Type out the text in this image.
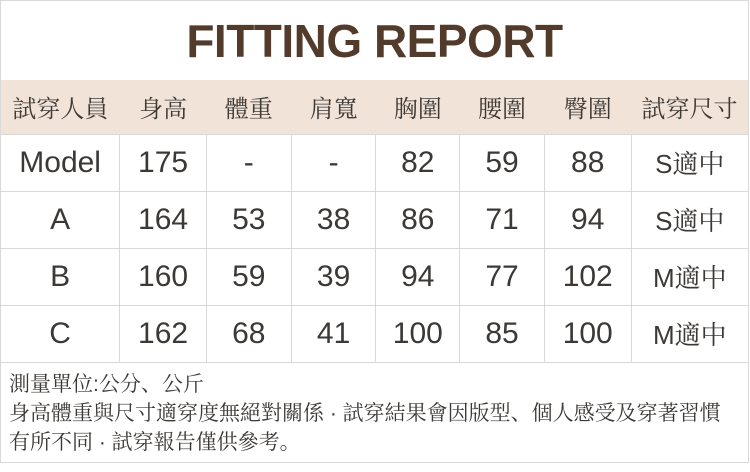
FITTING REPORT
試穿人員	身高	體重	肩寬	胸圍	腰圍	臀圍	試穿尺寸
Model	175	-	-	82	59	88	S適中
A	164	53	38	86	71	94	S適中
B	160	59	39	94	77	102	M適中
C	162	68	41	100	85	100	M適中

測量單位:公分、公斤
身高體重與尺寸適穿度無絕對關係 · 試穿結果會因版型、個人感受及穿著習慣有所不同 · 試穿報告僅供參考。							
